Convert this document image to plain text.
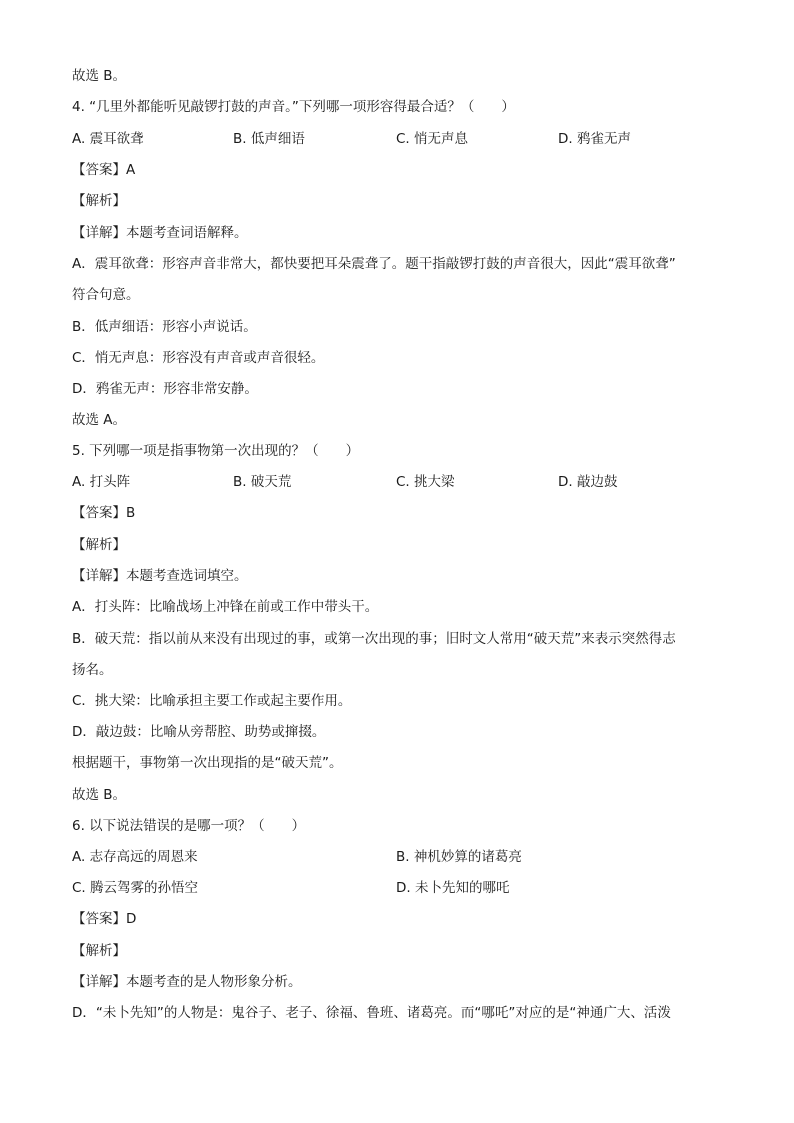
故选 B。
4. “几里外都能听见敲锣打鼓的声音。”下列哪一项形容得最合适？（　　）
A. 震耳欲聋	B. 低声细语	C. 悄无声息	D. 鸦雀无声
【答案】A
【解析】
【详解】本题考查词语解释。
A．震耳欲聋：形容声音非常大，都快要把耳朵震聋了。题干指敲锣打鼓的声音很大，因此“震耳欲聋”
符合句意。
B．低声细语：形容小声说话。
C．悄无声息：形容没有声音或声音很轻。
D．鸦雀无声：形容非常安静。
故选 A。
5. 下列哪一项是指事物第一次出现的？（　　）
A. 打头阵	B. 破天荒	C. 挑大梁	D. 敲边鼓
【答案】B
【解析】
【详解】本题考查选词填空。
A．打头阵：比喻战场上冲锋在前或工作中带头干。
B．破天荒：指以前从来没有出现过的事，或第一次出现的事；旧时文人常用“破天荒”来表示突然得志
扬名。
C．挑大梁：比喻承担主要工作或起主要作用。
D．敲边鼓：比喻从旁帮腔、助势或撺掇。
根据题干，事物第一次出现指的是“破天荒”。
故选 B。
6. 以下说法错误的是哪一项？（　　）
A. 志存高远的周恩来	B. 神机妙算的诸葛亮
C. 腾云驾雾的孙悟空	D. 未卜先知的哪吒
【答案】D
【解析】
【详解】本题考查的是人物形象分析。
D．“未卜先知”的人物是：鬼谷子、老子、徐福、鲁班、诸葛亮。而“哪吒”对应的是“神通广大、活泼
